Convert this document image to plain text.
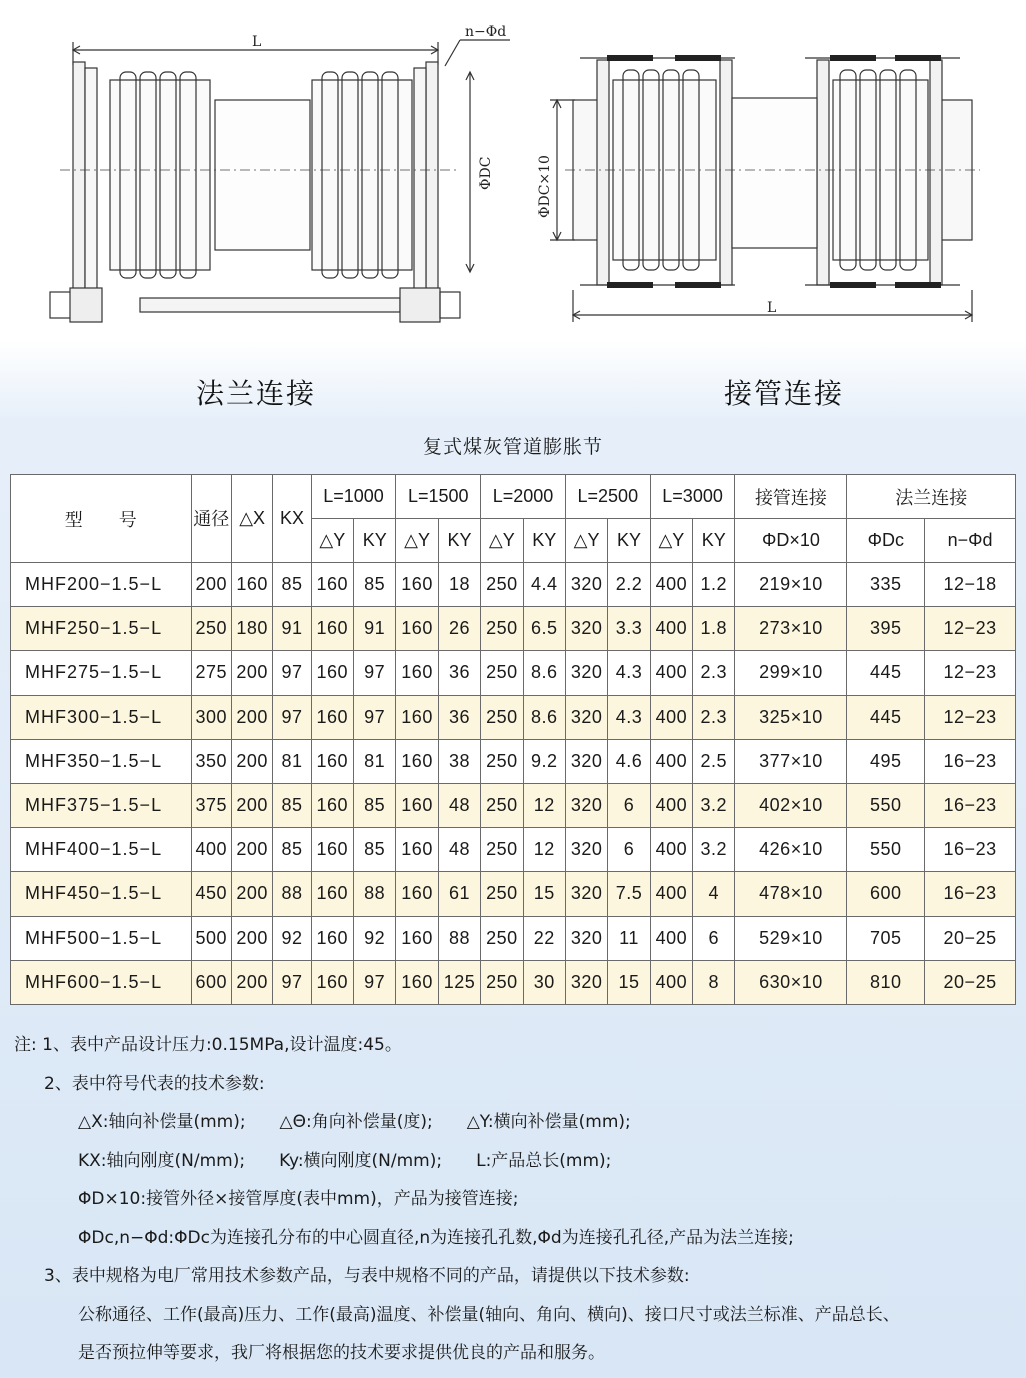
L
n−Φd
ΦDC	ΦDC×10
L
法兰连接	接管连接
复式煤灰管道膨胀节
型　　号	通径	△X	KX	L=1000		L=1500		L=2000		L=2500		L=3000		接管连接	法兰连接	
				△Y	KY	△Y	KY	△Y	KY	△Y	KY	△Y	KY	ΦD×10	ΦDc	n−Φd
MHF200−1.5−L	200	160	85	160	85	160	18	250	4.4	320	2.2	400	1.2	219×10	335	12−18
MHF250−1.5−L	250	180	91	160	91	160	26	250	6.5	320	3.3	400	1.8	273×10	395	12−23
MHF275−1.5−L	275	200	97	160	97	160	36	250	8.6	320	4.3	400	2.3	299×10	445	12−23
MHF300−1.5−L	300	200	97	160	97	160	36	250	8.6	320	4.3	400	2.3	325×10	445	12−23
MHF350−1.5−L	350	200	81	160	81	160	38	250	9.2	320	4.6	400	2.5	377×10	495	16−23
MHF375−1.5−L	375	200	85	160	85	160	48	250	12	320	6	400	3.2	402×10	550	16−23
MHF400−1.5−L	400	200	85	160	85	160	48	250	12	320	6	400	3.2	426×10	550	16−23
MHF450−1.5−L	450	200	88	160	88	160	61	250	15	320	7.5	400	4	478×10	600	16−23
MHF500−1.5−L	500	200	92	160	92	160	88	250	22	320	11	400	6	529×10	705	20−25
MHF600−1.5−L	600	200	97	160	97	160	125	250	30	320	15	400	8	630×10	810	20−25
注: 1、表中产品设计压力:0.15MPa,设计温度:45。
2、表中符号代表的技术参数:
△X:轴向补偿量(mm);　　△Θ:角向补偿量(度);　　△Y:横向补偿量(mm);
KX:轴向刚度(N/mm);　　Ky:横向刚度(N/mm);　　L:产品总长(mm);
ΦD×10:接管外径×接管厚度(表中mm)，产品为接管连接;
ΦDc,n−Φd:ΦDc为连接孔分布的中心圆直径,n为连接孔孔数,Φd为连接孔孔径,产品为法兰连接;
3、表中规格为电厂常用技术参数产品，与表中规格不同的产品，请提供以下技术参数:
公称通径、工作(最高)压力、工作(最高)温度、补偿量(轴向、角向、横向)、接口尺寸或法兰标准、产品总长、
是否预拉伸等要求，我厂将根据您的技术要求提供优良的产品和服务。
